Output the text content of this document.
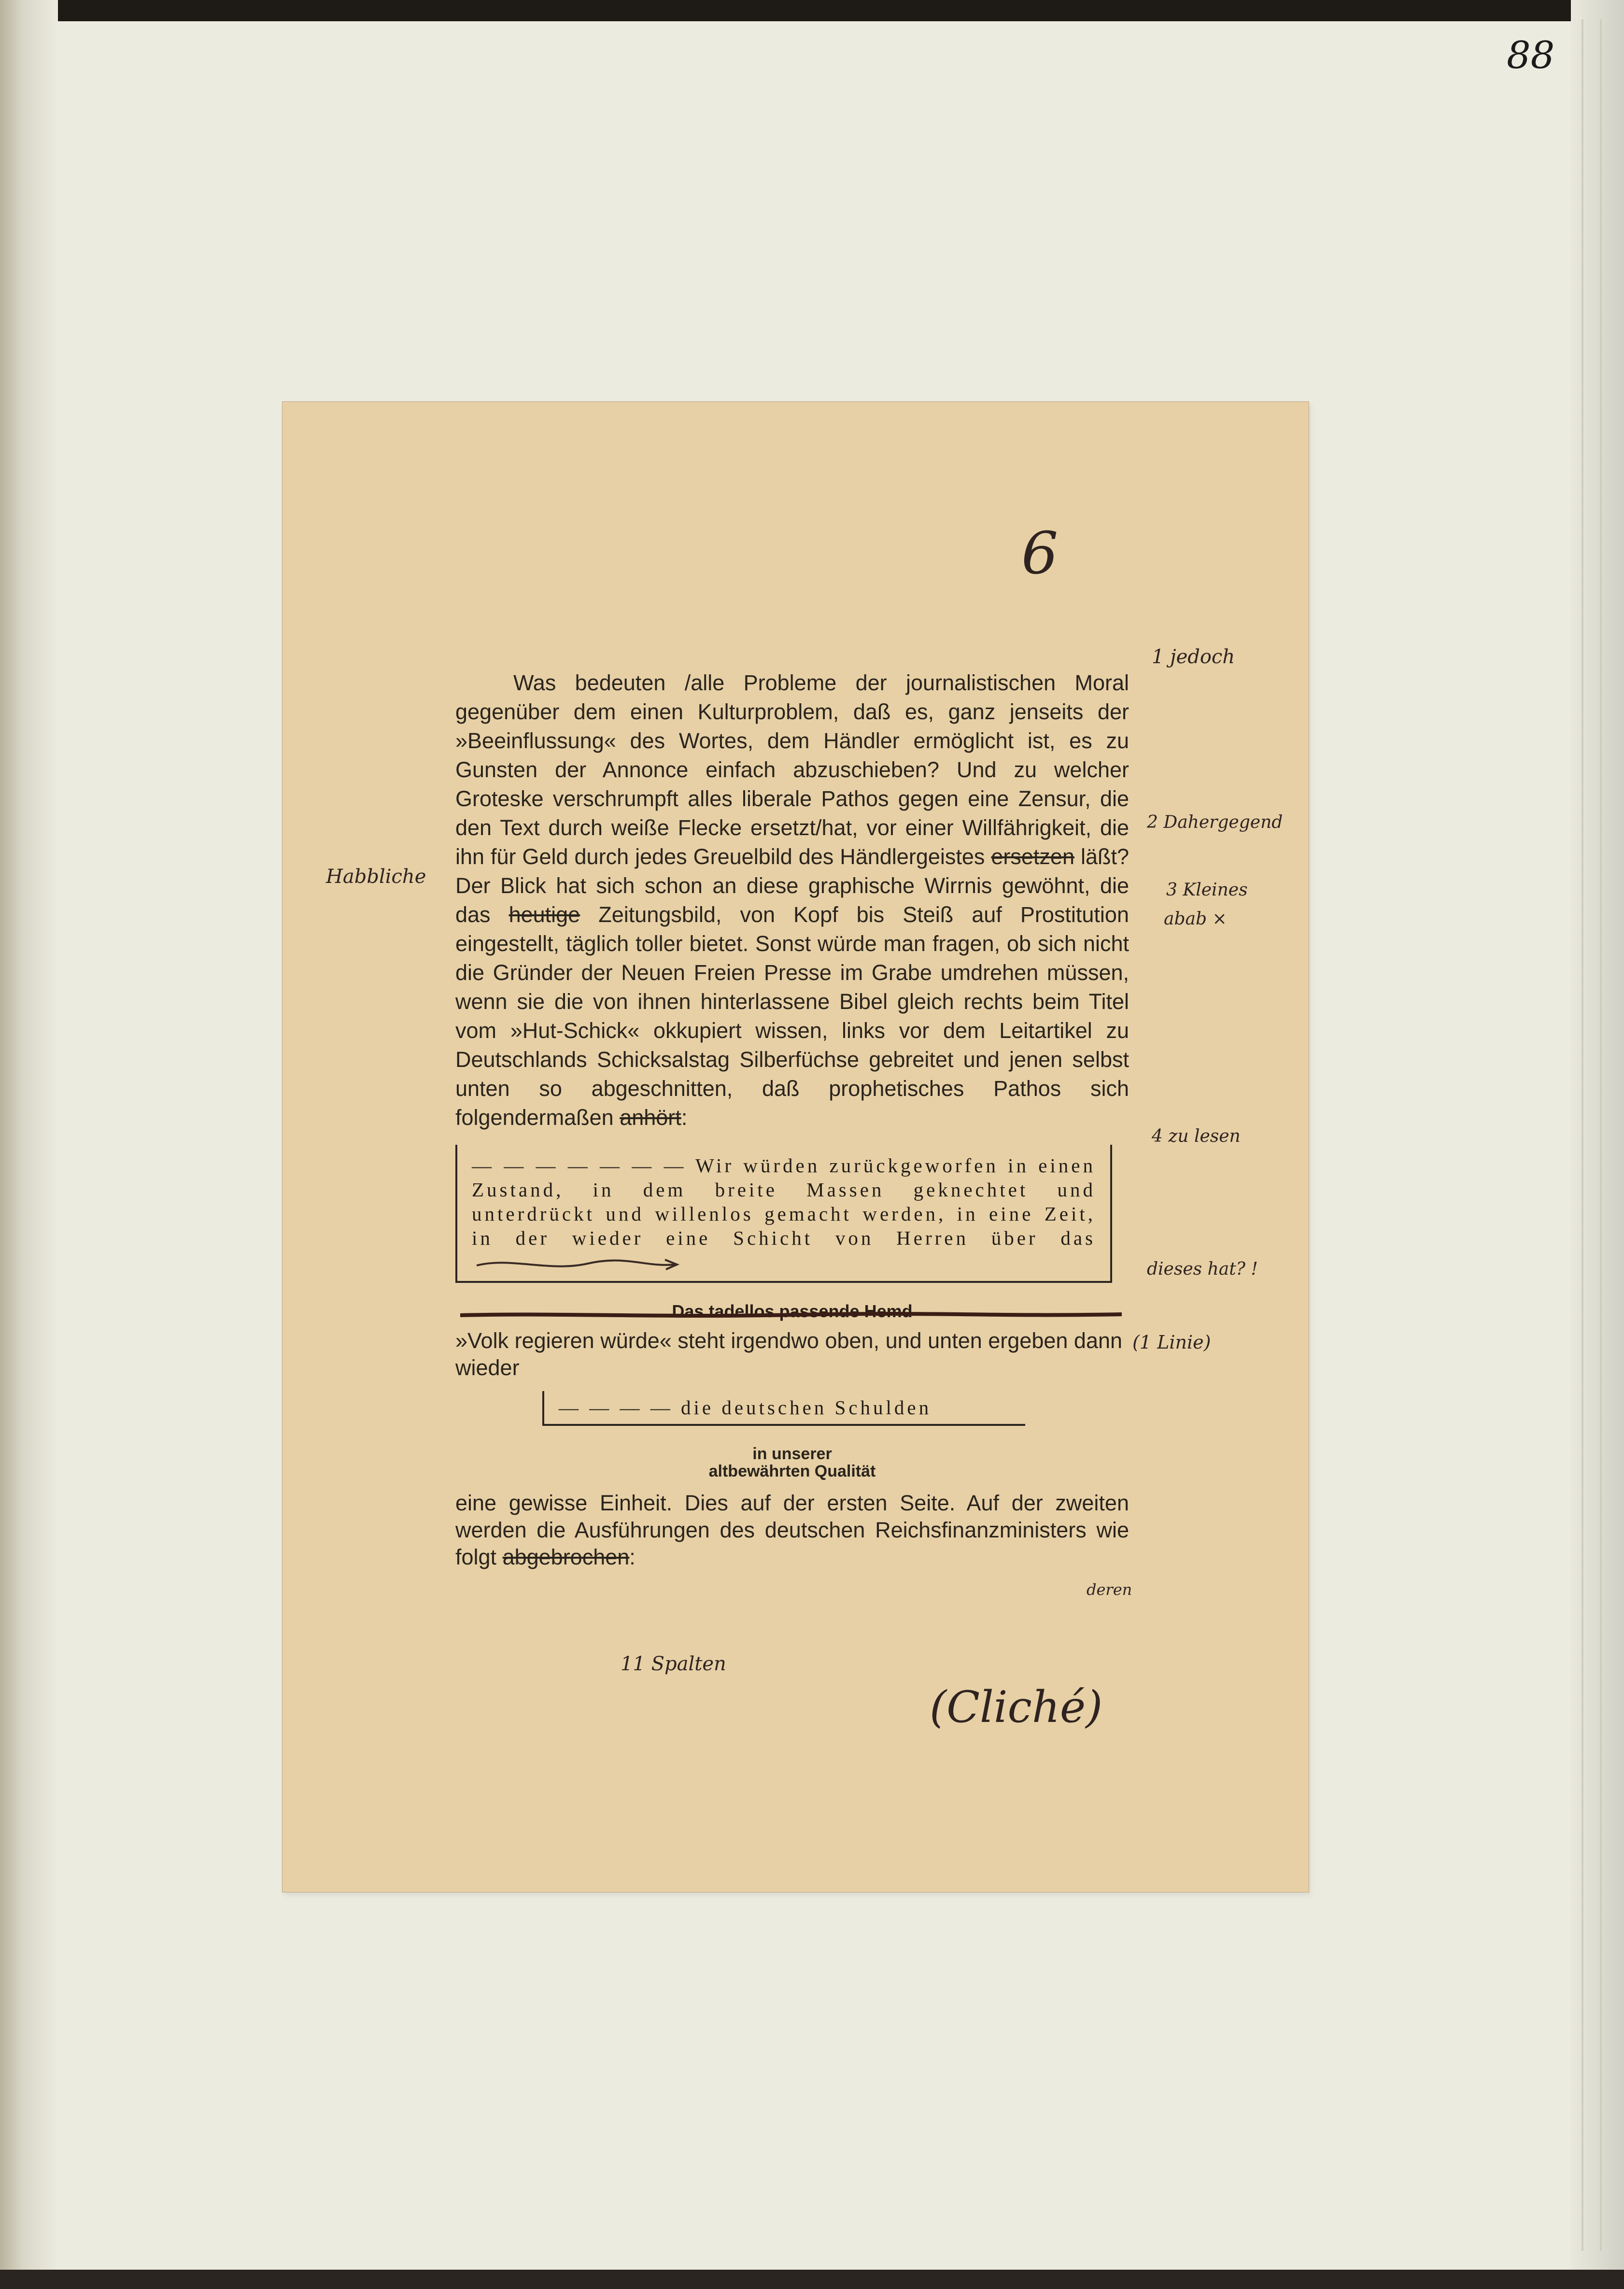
88
6

Was bedeuten /alle Probleme der journalistischen Moral gegenüber dem einen Kulturproblem, daß es, ganz jenseits der »Beeinflussung« des Wortes, dem Händler ermöglicht ist, es zu Gunsten der Annonce einfach abzuschieben? Und zu welcher Groteske verschrumpft alles liberale Pathos gegen eine Zensur, die den Text durch weiße Flecke ersetzt/hat, vor einer Willfährigkeit, die ihn für Geld durch jedes Greuelbild des Händlergeistes ersetzen läßt? Der Blick hat sich schon an diese graphische Wirrnis gewöhnt, die das heutige Zeitungsbild, von Kopf bis Steiß auf Prostitution eingestellt, täglich toller bietet. Sonst würde man fragen, ob sich nicht die Gründer der Neuen Freien Presse im Grabe umdrehen müssen, wenn sie die von ihnen hinterlassene Bibel gleich rechts beim Titel vom »Hut-Schick« okkupiert wissen, links vor dem Leitartikel zu Deutschlands Schicksalstag Silberfüchse gebreitet und jenen selbst unten so abgeschnitten, daß prophetisches Pathos sich folgendermaßen anhört:

— — — — — — — Wir würden zurückgeworfen in einen Zustand, in dem breite Massen geknechtet und unterdrückt und willenlos gemacht werden, in eine Zeit, in der wieder eine Schicht von Herren über das
Das tadellos passende Hemd

»Volk regieren würde« steht irgendwo oben, und unten ergeben dann wieder

— — — — die deutschen Schulden
in unserer
altbewährten Qualität

eine gewisse Einheit. Dies auf der ersten Seite. Auf der zweiten werden die Ausführungen des deutschen Reichsfinanzministers wie folgt abgebrochen:

Habbliche
1 jedoch
2 Dahergegend
3 Kleines
abab ×
4 zu lesen
dieses hat? !
(1 Linie)
deren
11 Spalten
(Cliché)
